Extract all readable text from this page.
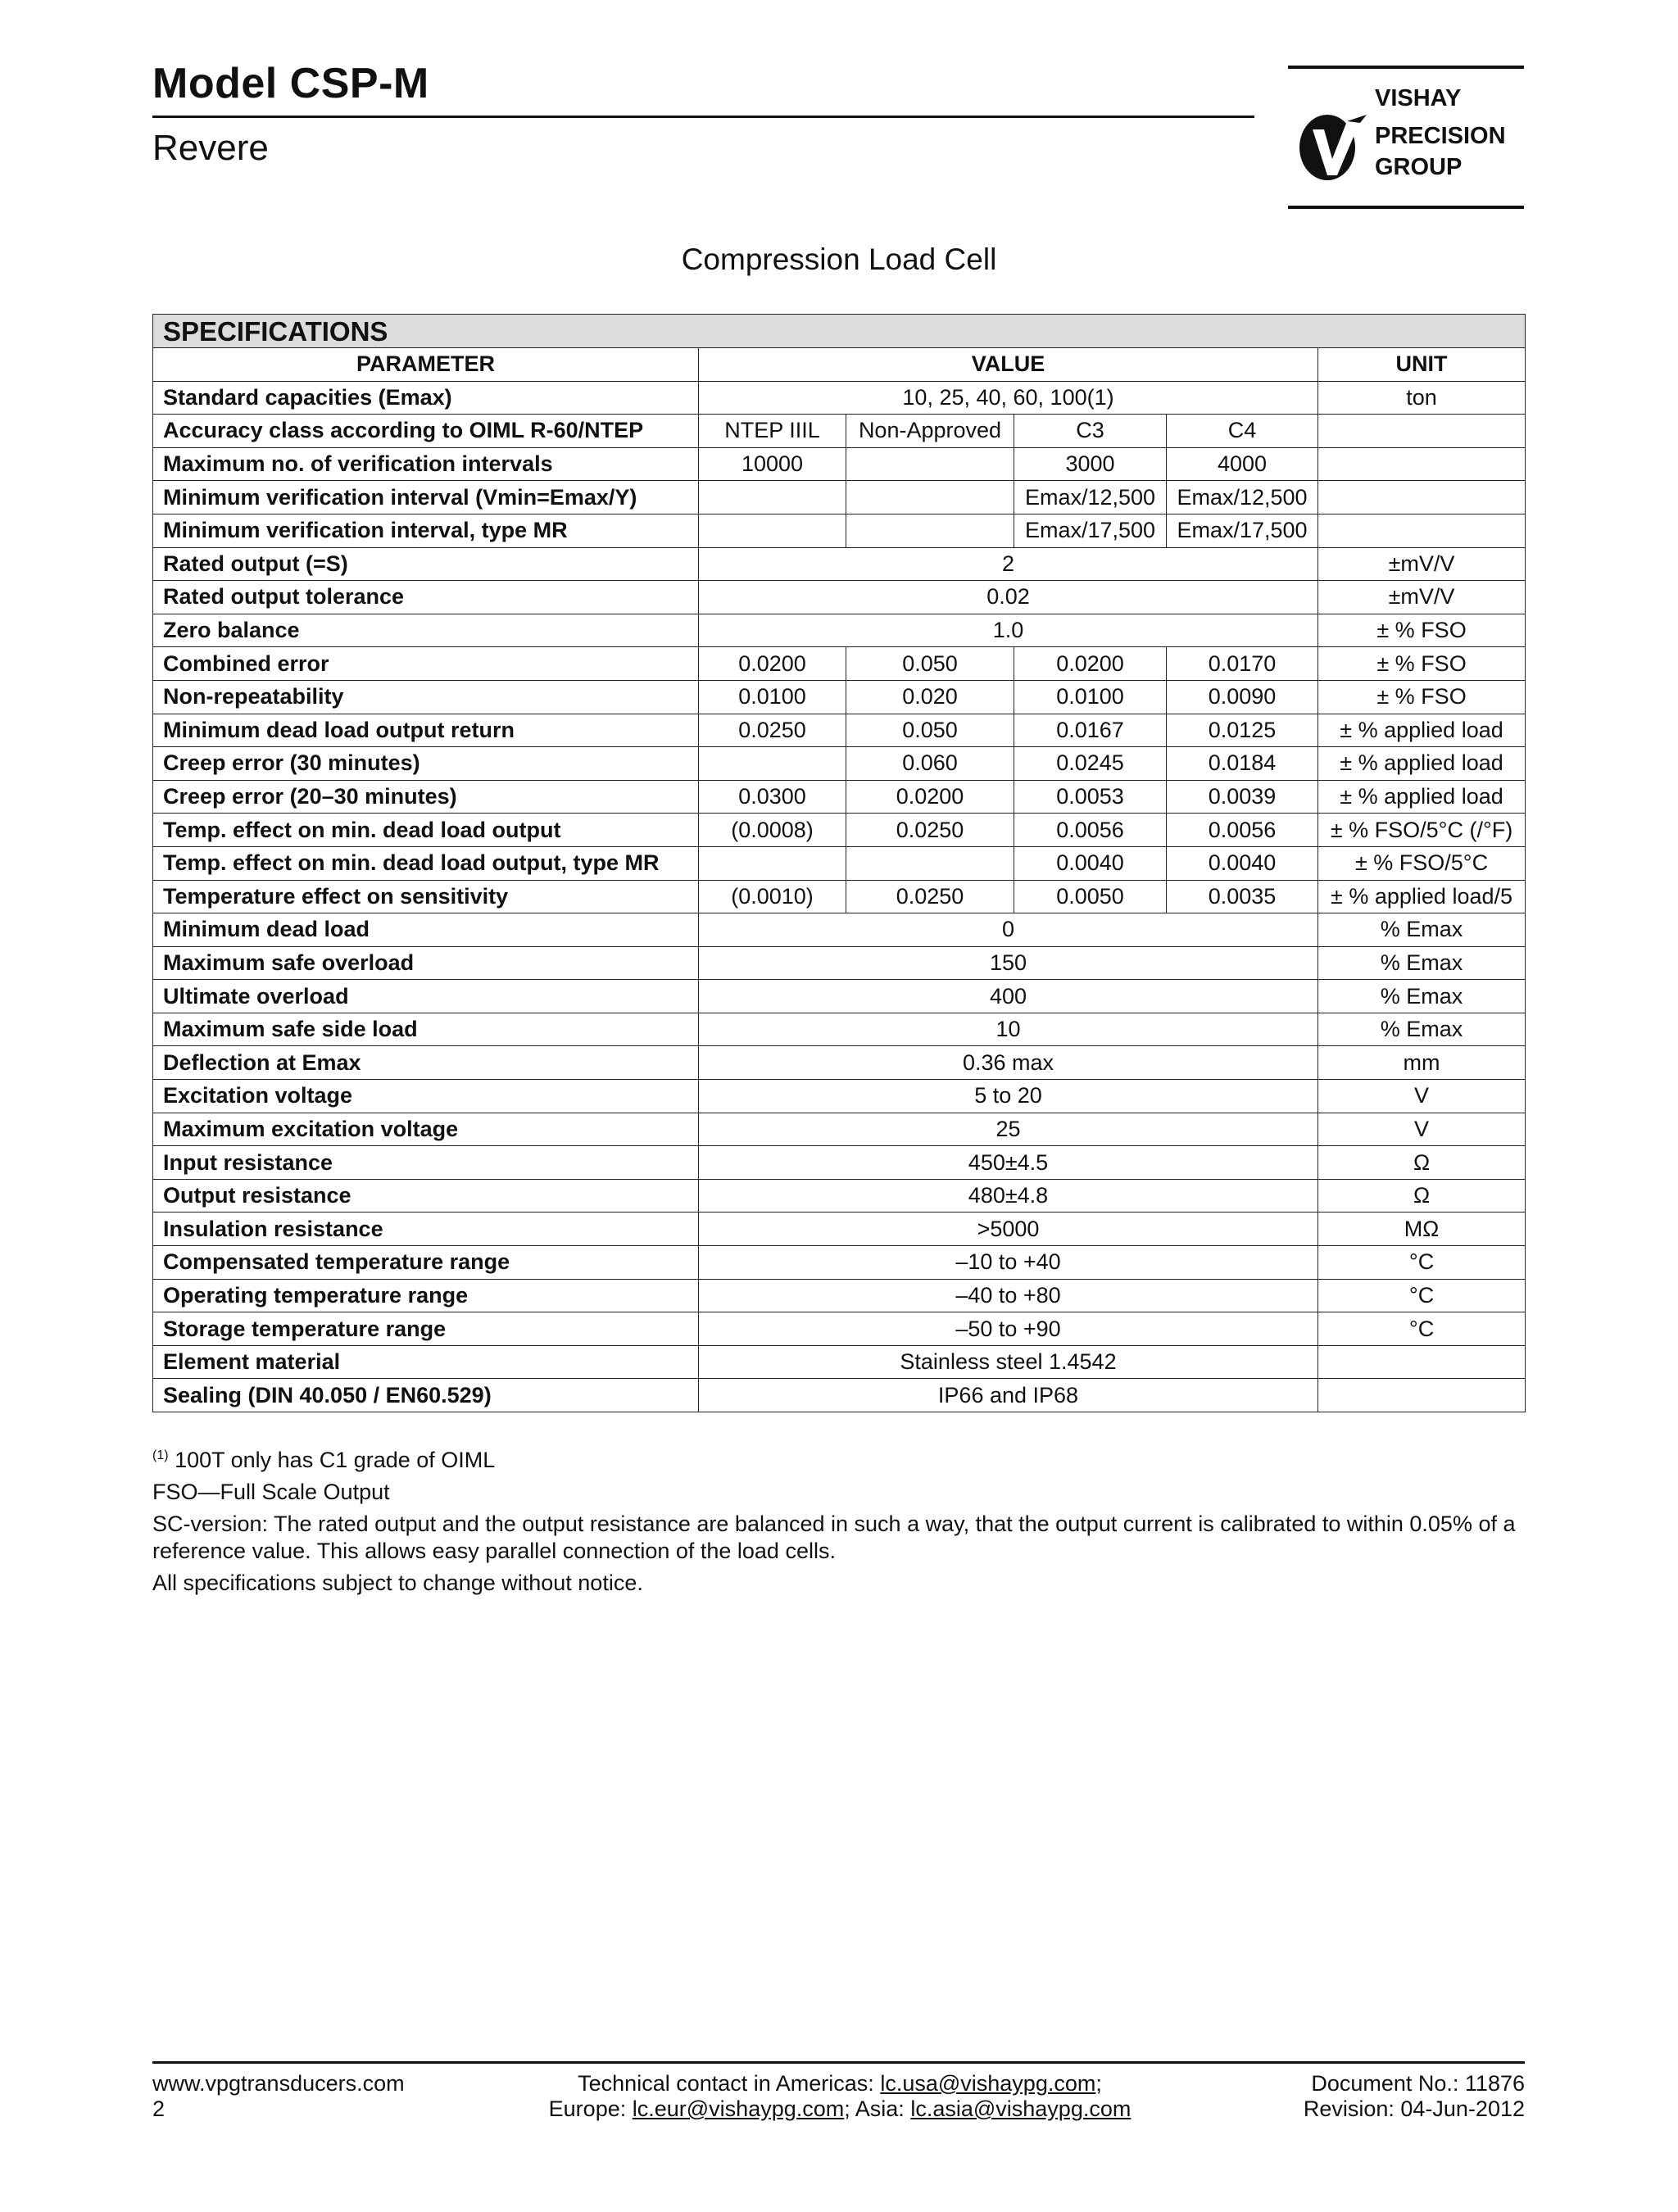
Model CSP-M
Revere
VISHAY
PRECISION
GROUP
Compression Load Cell
SPECIFICATIONS					
PARAMETER	VALUE				UNIT
Standard capacities (Emax)	10, 25, 40, 60, 100(1)				ton
Accuracy class according to OIML R-60/NTEP	NTEP IIIL	Non-Approved	C3	C4	
Maximum no. of verification intervals	10000		3000	4000	
Minimum verification interval (Vmin=Emax/Y)			Emax/12,500	Emax/12,500	
Minimum verification interval, type MR			Emax/17,500	Emax/17,500	
Rated output (=S)	2				±mV/V
Rated output tolerance	0.02				±mV/V
Zero balance	1.0				± % FSO
Combined error	0.0200	0.050	0.0200	0.0170	± % FSO
Non-repeatability	0.0100	0.020	0.0100	0.0090	± % FSO
Minimum dead load output return	0.0250	0.050	0.0167	0.0125	± % applied load
Creep error (30 minutes)		0.060	0.0245	0.0184	± % applied load
Creep error (20–30 minutes)	0.0300	0.0200	0.0053	0.0039	± % applied load
Temp. effect on min. dead load output	(0.0008)	0.0250	0.0056	0.0056	± % FSO/5°C (/°F)
Temp. effect on min. dead load output, type MR			0.0040	0.0040	± % FSO/5°C
Temperature effect on sensitivity	(0.0010)	0.0250	0.0050	0.0035	± % applied load/5
Minimum dead load	0				% Emax
Maximum safe overload	150				% Emax
Ultimate overload	400				% Emax
Maximum safe side load	10				% Emax
Deflection at Emax	0.36 max				mm
Excitation voltage	5 to 20				V
Maximum excitation voltage	25				V
Input resistance	450±4.5				Ω
Output resistance	480±4.8				Ω
Insulation resistance	>5000				MΩ
Compensated temperature range	–10 to +40				°C
Operating temperature range	–40 to +80				°C
Storage temperature range	–50 to +90				°C
Element material	Stainless steel 1.4542				
Sealing (DIN 40.050 / EN60.529)	IP66 and IP68				

$^{(1)}$ 100T only has C1 grade of OIML

FSO—Full Scale Output

SC-version: The rated output and the output resistance are balanced in such a way, that the output current is calibrated to within 0.05% of a reference value. This allows easy parallel connection of the load cells.

All specifications subject to change without notice.

www.vpgtransducers.com
2
Technical contact in Americas: lc.usa@vishaypg.com;
Europe: lc.eur@vishaypg.com; Asia: lc.asia@vishaypg.com
Document No.: 11876
Revision: 04-Jun-2012
